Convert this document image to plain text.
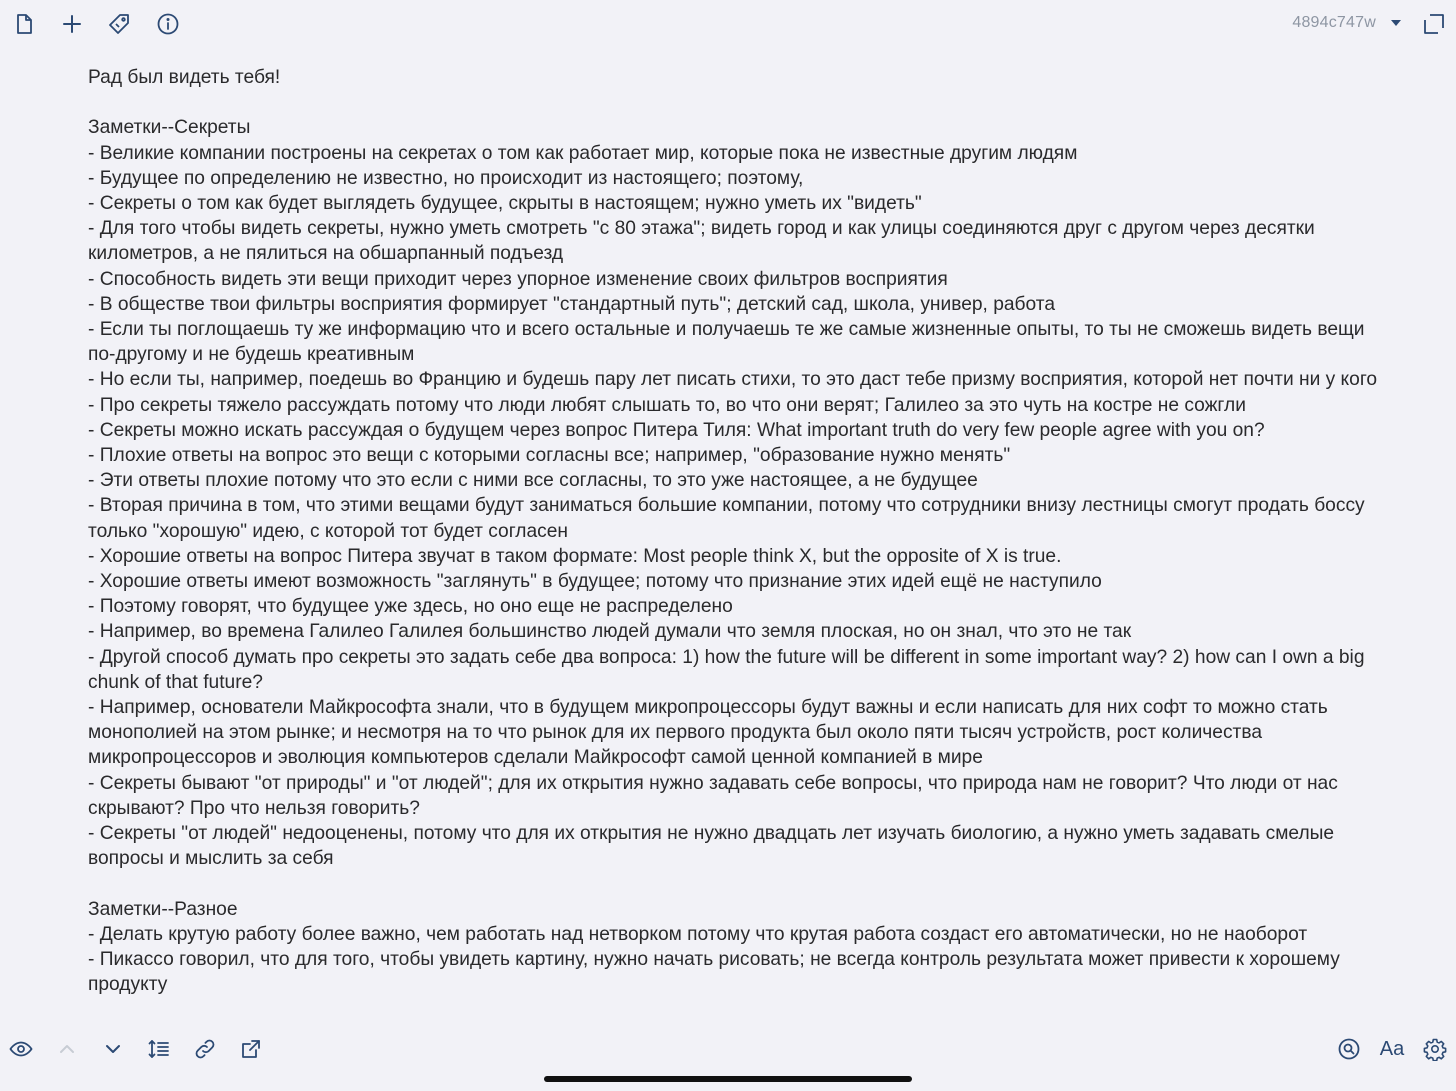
4894c747w

Рад был видеть тебя!

Заметки--Секреты

- Великие компании построены на секретах о том как работает мир, которые пока не известные другим людям

- Будущее по определению не известно, но происходит из настоящего; поэтому,

- Секреты о том как будет выглядеть будущее, скрыты в настоящем; нужно уметь их "видеть"

- Для того чтобы видеть секреты, нужно уметь смотреть "с 80 этажа"; видеть город и как улицы соединяются друг с другом через десятки километров, а не пялиться на обшарпанный подъезд

- Способность видеть эти вещи приходит через упорное изменение своих фильтров восприятия

- В обществе твои фильтры восприятия формирует "стандартный путь"; детский сад, школа, универ, работа

- Если ты поглощаешь ту же информацию что и всего остальные и получаешь те же самые жизненные опыты, то ты не сможешь видеть вещи по-другому и не будешь креативным

- Но если ты, например, поедешь во Францию и будешь пару лет писать стихи, то это даст тебе призму восприятия, которой нет почти ни у кого

- Про секреты тяжело рассуждать потому что люди любят слышать то, во что они верят; Галилео за это чуть на костре не сожгли

- Секреты можно искать рассуждая о будущем через вопрос Питера Тиля: What important truth do very few people agree with you on?

- Плохие ответы на вопрос это вещи с которыми согласны все; например, "образование нужно менять"

- Эти ответы плохие потому что это если с ними все согласны, то это уже настоящее, а не будущее

- Вторая причина в том, что этими вещами будут заниматься большие компании, потому что сотрудники внизу лестницы смогут продать боссу только "хорошую" идею, с которой тот будет согласен

- Хорошие ответы на вопрос Питера звучат в таком формате: Most people think X, but the opposite of X is true.

- Хорошие ответы имеют возможность "заглянуть" в будущее; потому что признание этих идей ещё не наступило

- Поэтому говорят, что будущее уже здесь, но оно еще не распределено

- Например, во времена Галилео Галилея большинство людей думали что земля плоская, но он знал, что это не так

- Другой способ думать про секреты это задать себе два вопроса: 1) how the future will be different in some important way? 2) how can I own a big chunk of that future?

- Например, основатели Майкрософта знали, что в будущем микропроцессоры будут важны и если написать для них софт то можно стать монополией на этом рынке; и несмотря на то что рынок для их первого продукта был около пяти тысяч устройств, рост количества микропроцессоров и эволюция компьютеров сделали Майкрософт самой ценной компанией в мире

- Секреты бывают "от природы" и "от людей"; для их открытия нужно задавать себе вопросы, что природа нам не говорит? Что люди от нас скрывают? Про что нельзя говорить?

- Секреты "от людей" недооценены, потому что для их открытия не нужно двадцать лет изучать биологию, а нужно уметь задавать смелые вопросы и мыслить за себя

Заметки--Разное

- Делать крутую работу более важно, чем работать над нетворком потому что крутая работа создаст его автоматически, но не наоборот

- Пикассо говорил, что для того, чтобы увидеть картину, нужно начать рисовать; не всегда контроль результата может привести к хорошему продукту

Aa
